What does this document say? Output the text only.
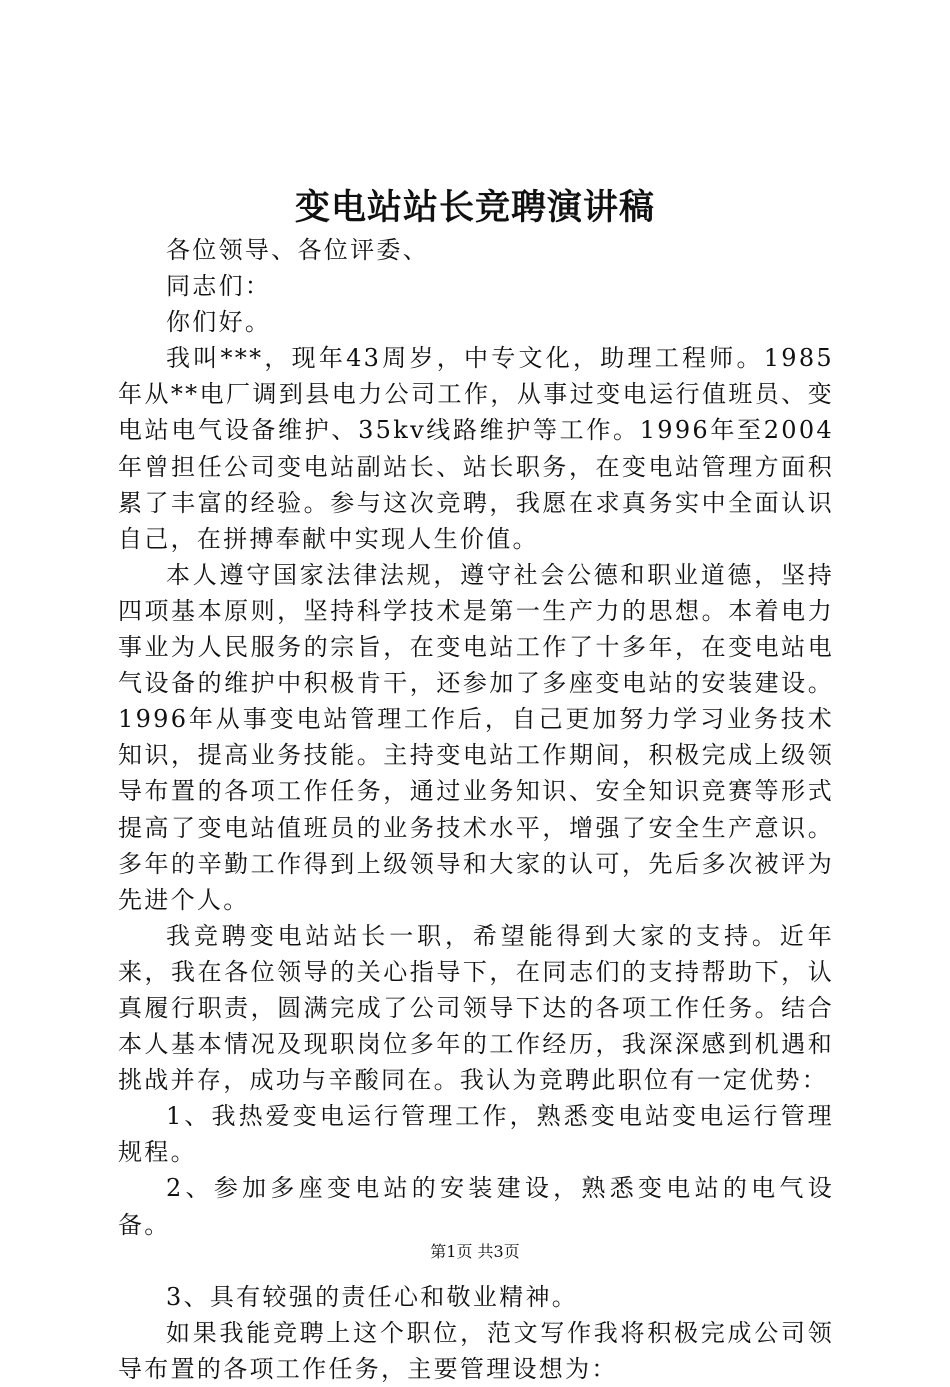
变电站站长竞聘演讲稿

各位领导、各位评委、

同志们：

你们好。

我叫***，现年43周岁，中专文化，助理工程师。1985年从**电厂调到县电力公司工作，从事过变电运行值班员、变电站电气设备维护、35kv线路维护等工作。1996年至2004年曾担任公司变电站副站长、站长职务，在变电站管理方面积累了丰富的经验。参与这次竞聘，我愿在求真务实中全面认识自己，在拼搏奉献中实现人生价值。

本人遵守国家法律法规，遵守社会公德和职业道德，坚持四项基本原则，坚持科学技术是第一生产力的思想。本着电力事业为人民服务的宗旨，在变电站工作了十多年，在变电站电气设备的维护中积极肯干，还参加了多座变电站的安装建设。1996年从事变电站管理工作后，自己更加努力学习业务技术知识，提高业务技能。主持变电站工作期间，积极完成上级领导布置的各项工作任务，通过业务知识、安全知识竞赛等形式提高了变电站值班员的业务技术水平，增强了安全生产意识。多年的辛勤工作得到上级领导和大家的认可，先后多次被评为先进个人。

我竞聘变电站站长一职，希望能得到大家的支持。近年来，我在各位领导的关心指导下，在同志们的支持帮助下，认真履行职责，圆满完成了公司领导下达的各项工作任务。结合本人基本情况及现职岗位多年的工作经历，我深深感到机遇和挑战并存，成功与辛酸同在。我认为竞聘此职位有一定优势：

1、我热爱变电运行管理工作，熟悉变电站变电运行管理规程。

2、参加多座变电站的安装建设，熟悉变电站的电气设备。

3、具有较强的责任心和敬业精神。

如果我能竞聘上这个职位，范文写作我将积极完成公司领导布置的各项工作任务，主要管理设想为：

第1页 共3页
